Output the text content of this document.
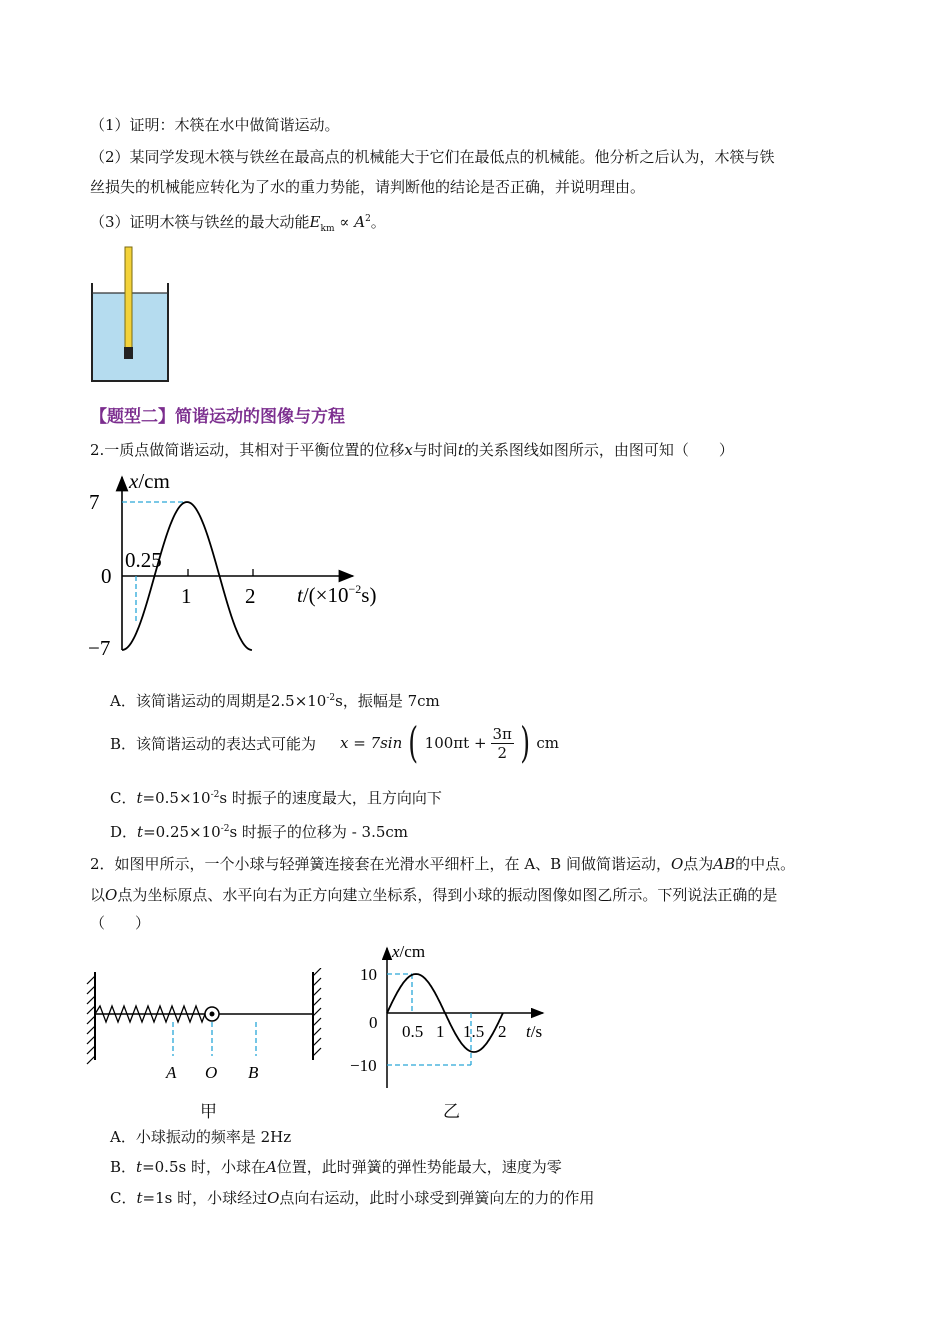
（1）证明：木筷在水中做简谐运动。
（2）某同学发现木筷与铁丝在最高点的机械能大于它们在最低点的机械能。他分析之后认为，木筷与铁
丝损失的机械能应转化为了水的重力势能，请判断他的结论是否正确，并说明理由。
（3）证明木筷与铁丝的最大动能$E_{km} \propto A^2$。
【题型二】简谐运动的图像与方程
2.一质点做简谐运动，其相对于平衡位置的位移x与时间t的关系图线如图所示，由图可知（　　）
x/cm
$t/(\times 10^{-2}s)$
7
0
−7
1	2
0.25
A．该简谐运动的周期是$2.5\times 10^{-2}s$，振幅是 7cm
B．该简谐运动的表达式可能为 x = 7sin ( $100\pi t + \frac{3\pi}{2}$ ) cm
C．$t=0.5\times 10^{-2}s$ 时振子的速度最大，且方向向下
D．$t=0.25\times 10^{-2}s$ 时振子的位移为 - 3.5cm
2．如图甲所示，一个小球与轻弹簧连接套在光滑水平细杆上，在 A、B 间做简谐运动，O点为AB的中点。
以O点为坐标原点、水平向右为正方向建立坐标系，得到小球的振动图像如图乙所示。下列说法正确的是
（　　）
A O B
甲
x/cm
t/s
10
0
−10
0.5 1 1.5 2
乙
A．小球振动的频率是 2Hz
B．t=0.5s 时，小球在A位置，此时弹簧的弹性势能最大，速度为零
C．t=1s 时，小球经过O点向右运动，此时小球受到弹簧向左的力的作用
